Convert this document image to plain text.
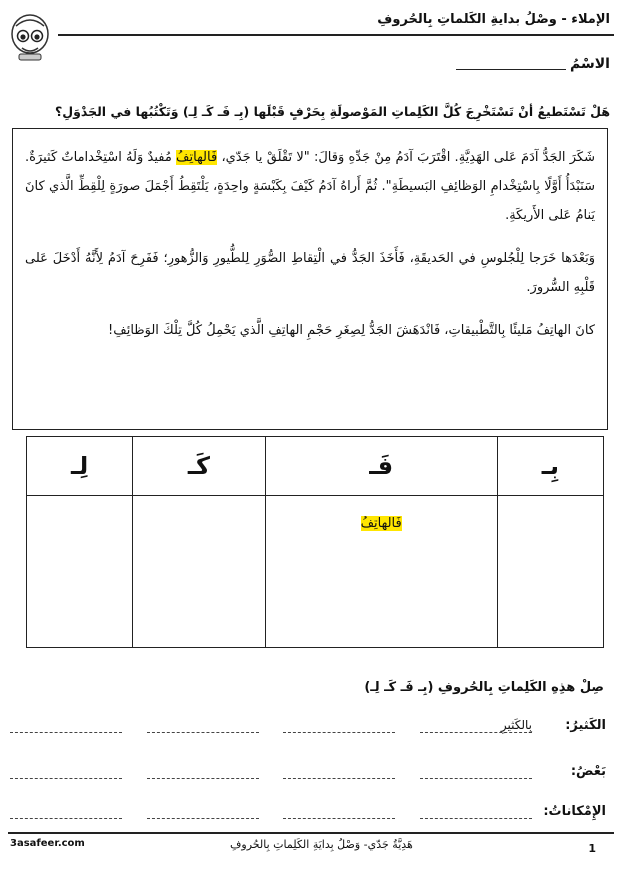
الإملاء - وصْلُ بدايةِ الكَلماتِ بِالحُروفِ
الاسْمُ
هَلْ تَسْتَطيعُ أنْ تَسْتَخْرِجَ كُلَّ الكَلِماتِ المَوْصولَةِ بِحَرْفٍ قَبْلَها (بِـ فَـ كَـ لِـ) وَتَكْتُبُها في الجَدْوَلِ؟

شَكَرَ الجَدُّ آدَمَ عَلى الهَدِيَّةِ. اقْتَرَبَ آدَمُ مِنْ جَدِّهِ وَقالَ: "لا تَقْلَقْ يا جَدّي، فَالهاتِفُ مُفيدٌ وَلَهُ اسْتِخْداماتٌ كَثيرَةٌ. سَنَبْدَأُ أَوَّلًا بِاسْتِخْدامِ الوَظائِفِ البَسيطَةِ". ثُمَّ أَراهُ آدَمُ كَيْفَ بِكَبْسَةٍ واحِدَةٍ، يَلْتَقِطُ أَجْمَلَ صورَةٍ لِلْقِطِّ الَّذي كانَ يَنامُ عَلى الأَريكَةِ.

وَبَعْدَها خَرَجا لِلْجُلوسِ في الحَديقَةِ، فَأَخَذَ الجَدُّ في الْتِقاطِ الصُّوَرِ لِلطُّيورِ وَالزُّهورِ؛ فَفَرِحَ آدَمُ لِأَنَّهُ أَدْخَلَ عَلى قَلْبِهِ السُّرورَ.

كانَ الهاتِفُ مَليئًا بِالتَّطْبيقاتِ، فَانْدَهَشَ الجَدُّ لِصِغَرِ حَجْمِ الهاتِفِ الَّذي يَحْمِلُ كُلَّ تِلْكَ الوَظائِفِ!

بِـ	فَـ	كَـ	لِـ
	فَالهاتِفُ		
صِلْ هذِهِ الكَلِماتِ بِالحُروفِ (بِـ فَـ كَـ لِـ)
الكَثيرُ:
بِالكَثيرِ
بَعْضُ:
الإِمْكاناتُ:
3asafeer.com	هَدِيَّةُ جَدّي- وَصْلُ بِدايَةِ الكَلِماتِ بِالحُروفِ	1
